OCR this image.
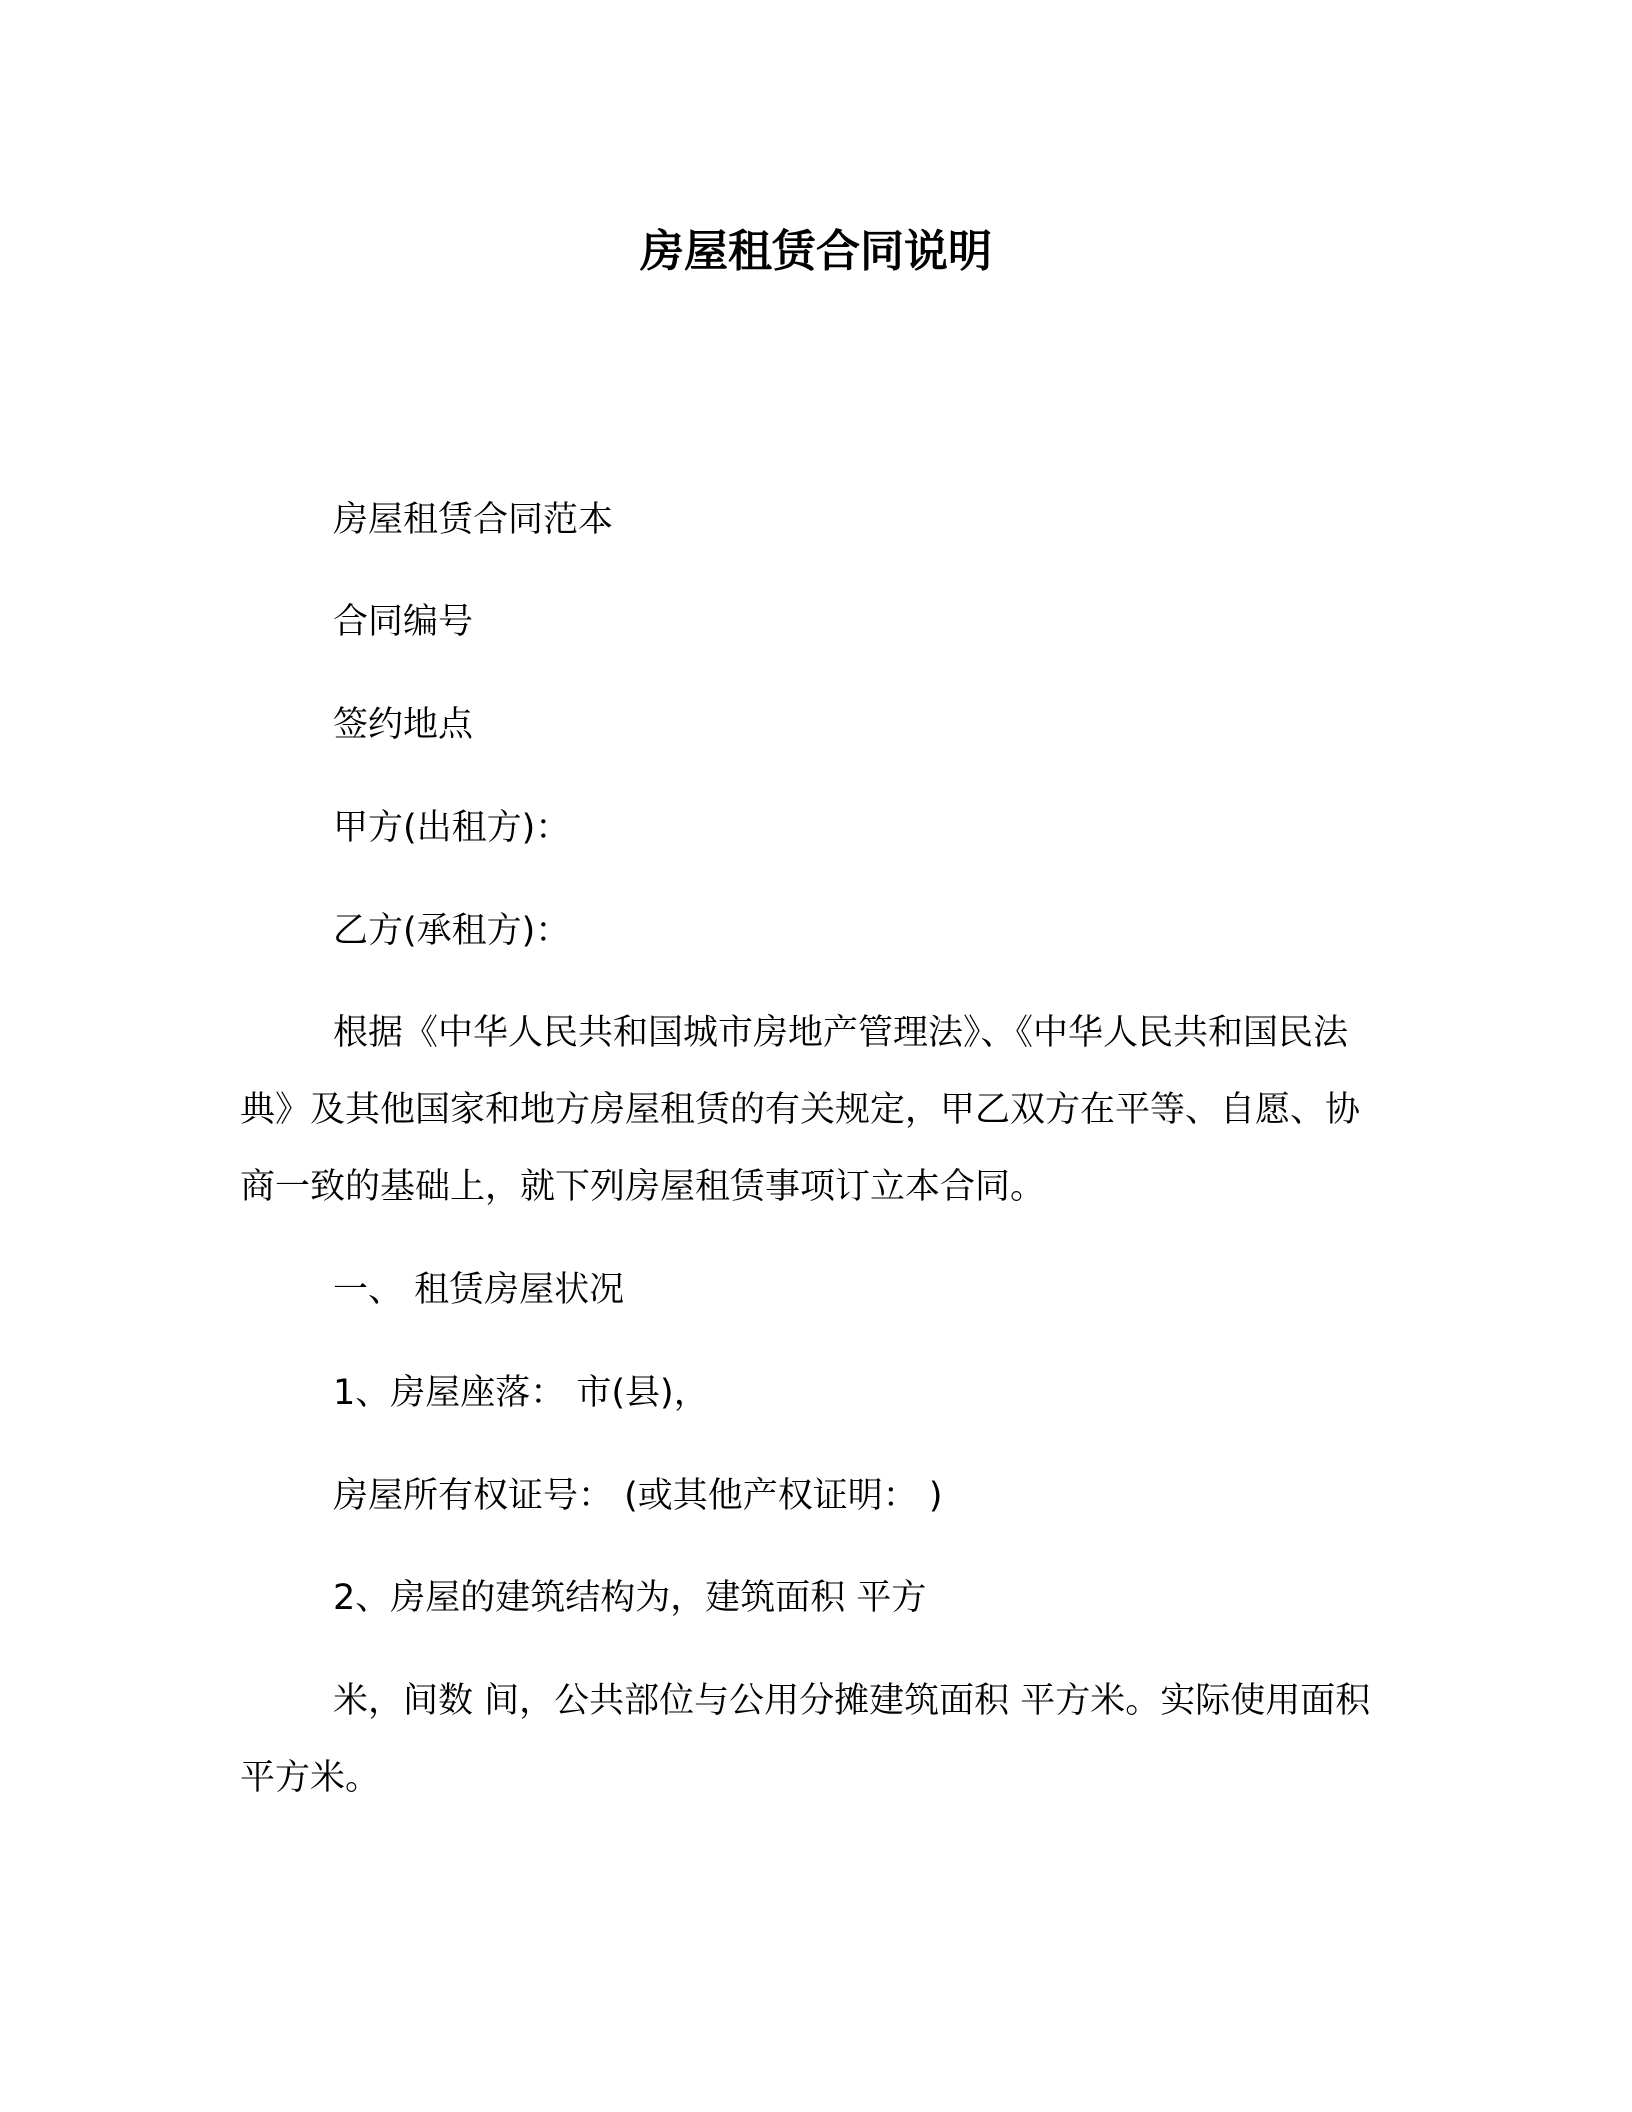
房屋租赁合同说明

房屋租赁合同范本

合同编号

签约地点

甲方(出租方)：

乙方(承租方)：

根据《中华人民共和国城市房地产管理法》、《中华人民共和国民法典》及其他国家和地方房屋租赁的有关规定，甲乙双方在平等、自愿、协商一致的基础上，就下列房屋租赁事项订立本合同。

一、 租赁房屋状况

1、房屋座落： 市(县)，

房屋所有权证号： (或其他产权证明： )

2、房屋的建筑结构为，建筑面积 平方

米，间数 间，公共部位与公用分摊建筑面积 平方米。实际使用面积 平方米。
